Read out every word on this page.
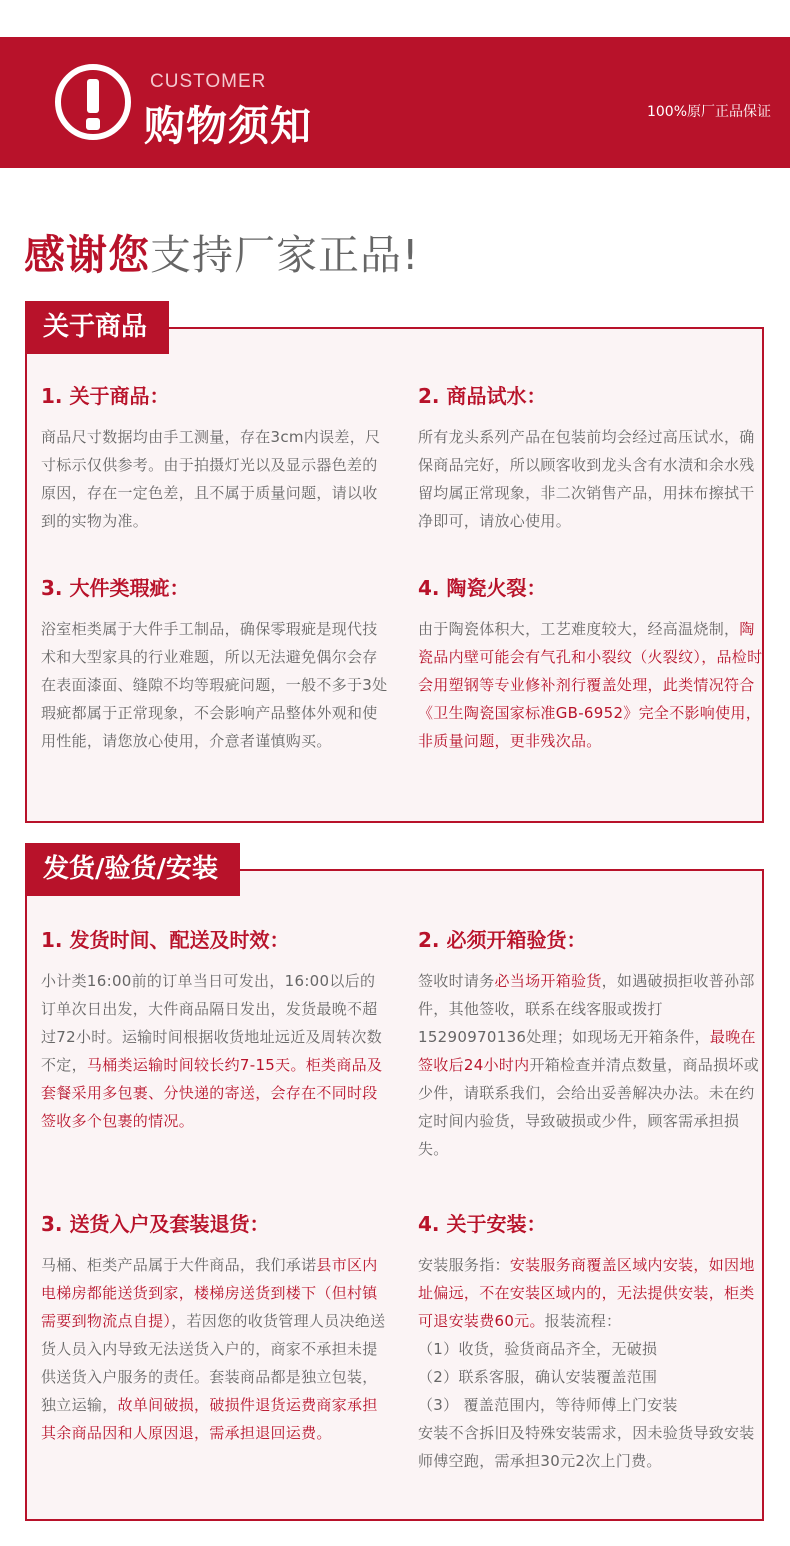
CUSTOMER
购物须知	100%原厂正品保证
感谢您支持厂家正品!
关于商品
1. 关于商品：

商品尺寸数据均由手工测量，存在3cm内误差，尺寸标示仅供参考。由于拍摄灯光以及显示器色差的原因，存在一定色差，且不属于质量问题，请以收到的实物为准。

2. 商品试水：

所有龙头系列产品在包装前均会经过高压试水，确保商品完好，所以顾客收到龙头含有水渍和余水残留均属正常现象，非二次销售产品，用抹布擦拭干净即可，请放心使用。

3. 大件类瑕疵：

浴室柜类属于大件手工制品，确保零瑕疵是现代技术和大型家具的行业难题，所以无法避免偶尔会存在表面漆面、缝隙不均等瑕疵问题，一般不多于3处瑕疵都属于正常现象，不会影响产品整体外观和使用性能，请您放心使用，介意者谨慎购买。

4. 陶瓷火裂：

由于陶瓷体积大，工艺难度较大，经高温烧制，陶瓷品内壁可能会有气孔和小裂纹（火裂纹），品检时会用塑钢等专业修补剂行覆盖处理，此类情况符合《卫生陶瓷国家标准GB-6952》完全不影响使用，非质量问题，更非残次品。

发货/验货/安装
1. 发货时间、配送及时效：

小计类16:00前的订单当日可发出，16:00以后的订单次日出发，大件商品隔日发出，发货最晚不超过72小时。运输时间根据收货地址远近及周转次数不定，马桶类运输时间较长约7-15天。柜类商品及套餐采用多包裹、分快递的寄送，会存在不同时段签收多个包裹的情况。

2. 必须开箱验货：

签收时请务必当场开箱验货，如遇破损拒收普孙部件，其他签收，联系在线客服或拨打15290970136处理；如现场无开箱条件，最晚在签收后24小时内开箱检查并清点数量，商品损坏或少件，请联系我们，会给出妥善解决办法。未在约定时间内验货，导致破损或少件，顾客需承担损失。

3. 送货入户及套装退货：

马桶、柜类产品属于大件商品，我们承诺县市区内电梯房都能送货到家，楼梯房送货到楼下（但村镇需要到物流点自提），若因您的收货管理人员决绝送货人员入内导致无法送货入户的，商家不承担未提供送货入户服务的责任。套装商品都是独立包装，独立运输，故单间破损，破损件退货运费商家承担其余商品因和人原因退，需承担退回运费。

4. 关于安装：

安装服务指：安装服务商覆盖区域内安装，如因地址偏远，不在安装区域内的，无法提供安装，柜类可退安装费60元。报装流程：
（1）收货，验货商品齐全，无破损
（2）联系客服，确认安装覆盖范围
（3） 覆盖范围内，等待师傅上门安装
安装不含拆旧及特殊安装需求，因未验货导致安装师傅空跑，需承担30元2次上门费。
